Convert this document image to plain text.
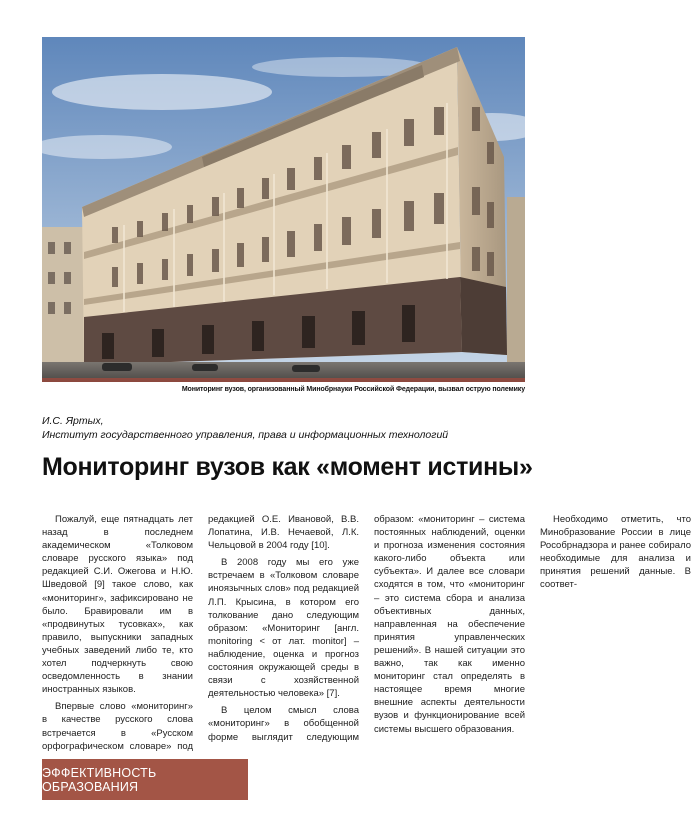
Мониторинг вузов, организованный Минобрнауки Российской Федерации, вызвал острую полемику
И.С. Яртых,
Институт государственного управления, права и информационных технологий
Мониторинг вузов как «момент истины»

Пожалуй, еще пятнадцать лет назад в последнем академическом «Толковом словаре русского языка» под редакцией С.И. Ожегова и Н.Ю. Шведовой [9] такое слово, как «мониторинг», зафиксировано не было. Бравировали им в «продвинутых тусовках», как правило, выпускники западных учебных заведений либо те, кто хотел подчеркнуть свою осведомленность в знании иностранных языков.

Впервые слово «мониторинг» в качестве русского слова встречается в «Русском орфографическом словаре» под редакцией О.Е. Ивановой, В.В. Лопатина, И.В. Нечаевой, Л.К. Чельцовой в 2004 году [10].

В 2008 году мы его уже встречаем в «Толковом словаре иноязычных слов» под редакцией Л.П. Крысина, в котором его толкование дано следующим образом: «Мониторинг [англ. monitoring < от лат. monitor] – наблюдение, оценка и прогноз состояния окружающей среды в связи с хозяйственной деятельностью человека» [7].

В целом смысл слова «мониторинг» в обобщенной форме выглядит следующим образом: «мониторинг – система постоянных наблюдений, оценки и прогноза изменения состояния какого-либо объекта или субъекта». И далее все словари сходятся в том, что «мониторинг – это система сбора и анализа объективных данных, направленная на обеспечение принятия управленческих решений». В нашей ситуации это важно, так как именно мониторинг стал определять в настоящее время многие внешние аспекты деятельности вузов и функционирование всей системы высшего образования.

Необходимо отметить, что Минобразование России в лице Рособрнадзора и ранее собирало необходимые для анализа и принятия решений данные. В соответ-

ЭФФЕКТИВНОСТЬ ОБРАЗОВАНИЯ
